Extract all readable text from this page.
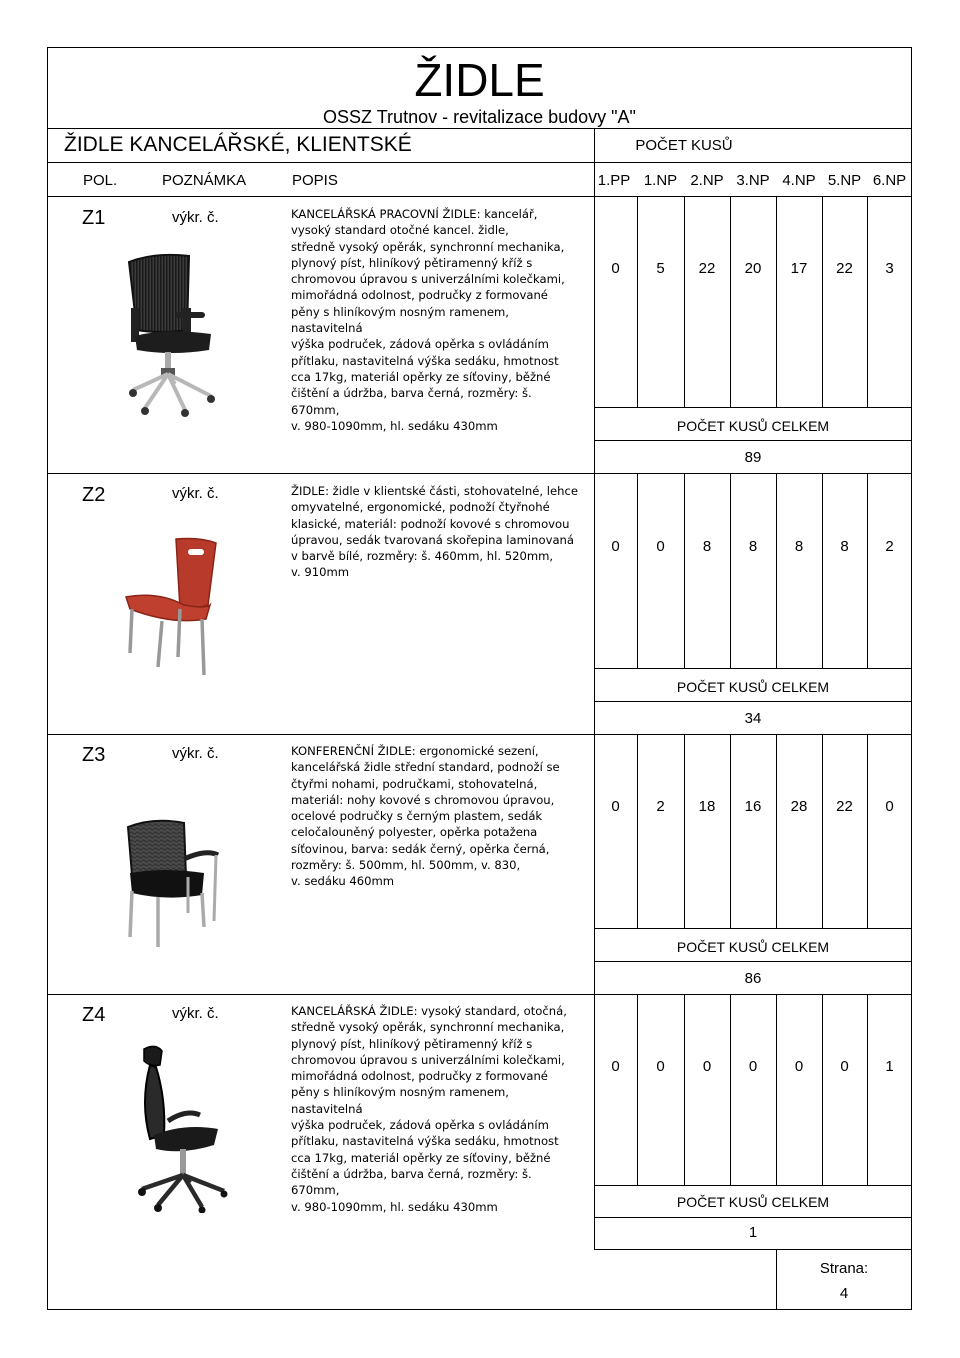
ŽIDLE
OSSZ Trutnov - revitalizace budovy "A"
ŽIDLE KANCELÁŘSKÉ, KLIENTSKÉ	POČET KUSŮ
POL.	POZNÁMKA	POPIS	1.PP 1.NP 2.NP 3.NP 4.NP 5.NP 6.NP
Z1	výkr. č.	KANCELÁŘSKÁ PRACOVNÍ ŽIDLE: kancelář,
vysoký standard otočné kancel. židle,
středně vysoký opěrák, synchronní mechanika,
plynový píst, hliníkový pětiramenný kříž s
chromovou úpravou s univerzálními kolečkami,
mimořádná odolnost, područky z formované
pěny s hliníkovým nosným ramenem, nastavitelná
výška područek, zádová opěrka s ovládáním
přítlaku, nastavitelná výška sedáku, hmotnost
cca 17kg, materiál opěrky ze síťoviny, běžné
čištění a údržba, barva černá, rozměry: š. 670mm,
v. 980-1090mm, hl. sedáku 430mm
0	5	22	20	17	22	3
POČET KUSŮ CELKEM
89
Z2	výkr. č.	ŽIDLE: židle v klientské části, stohovatelné, lehce
omyvatelné, ergonomické, podnoží čtyřnohé
klasické, materiál: podnoží kovové s chromovou
úpravou, sedák tvarovaná skořepina laminovaná
v barvě bílé, rozměry: š. 460mm, hl. 520mm,
v. 910mm
0	0	8	8	8	8	2
POČET KUSŮ CELKEM
34
Z3	výkr. č.	KONFERENČNÍ ŽIDLE: ergonomické sezení,
kancelářská židle střední standard, podnoží se
čtyřmi nohami, područkami, stohovatelná,
materiál: nohy kovové s chromovou úpravou,
ocelové područky s černým plastem, sedák
celočalouněný polyester, opěrka potažena
síťovinou, barva: sedák černý, opěrka černá,
rozměry: š. 500mm, hl. 500mm, v. 830,
v. sedáku 460mm
0	2	18	16	28	22	0
POČET KUSŮ CELKEM
86
Z4	výkr. č.	KANCELÁŘSKÁ ŽIDLE: vysoký standard, otočná,
středně vysoký opěrák, synchronní mechanika,
plynový píst, hliníkový pětiramenný kříž s
chromovou úpravou s univerzálními kolečkami,
mimořádná odolnost, područky z formované
pěny s hliníkovým nosným ramenem, nastavitelná
výška područek, zádová opěrka s ovládáním
přítlaku, nastavitelná výška sedáku, hmotnost
cca 17kg, materiál opěrky ze síťoviny, běžné
čištění a údržba, barva černá, rozměry: š. 670mm,
v. 980-1090mm, hl. sedáku 430mm
0	0	0	0	0	0	1
POČET KUSŮ CELKEM
1
Strana:
4
